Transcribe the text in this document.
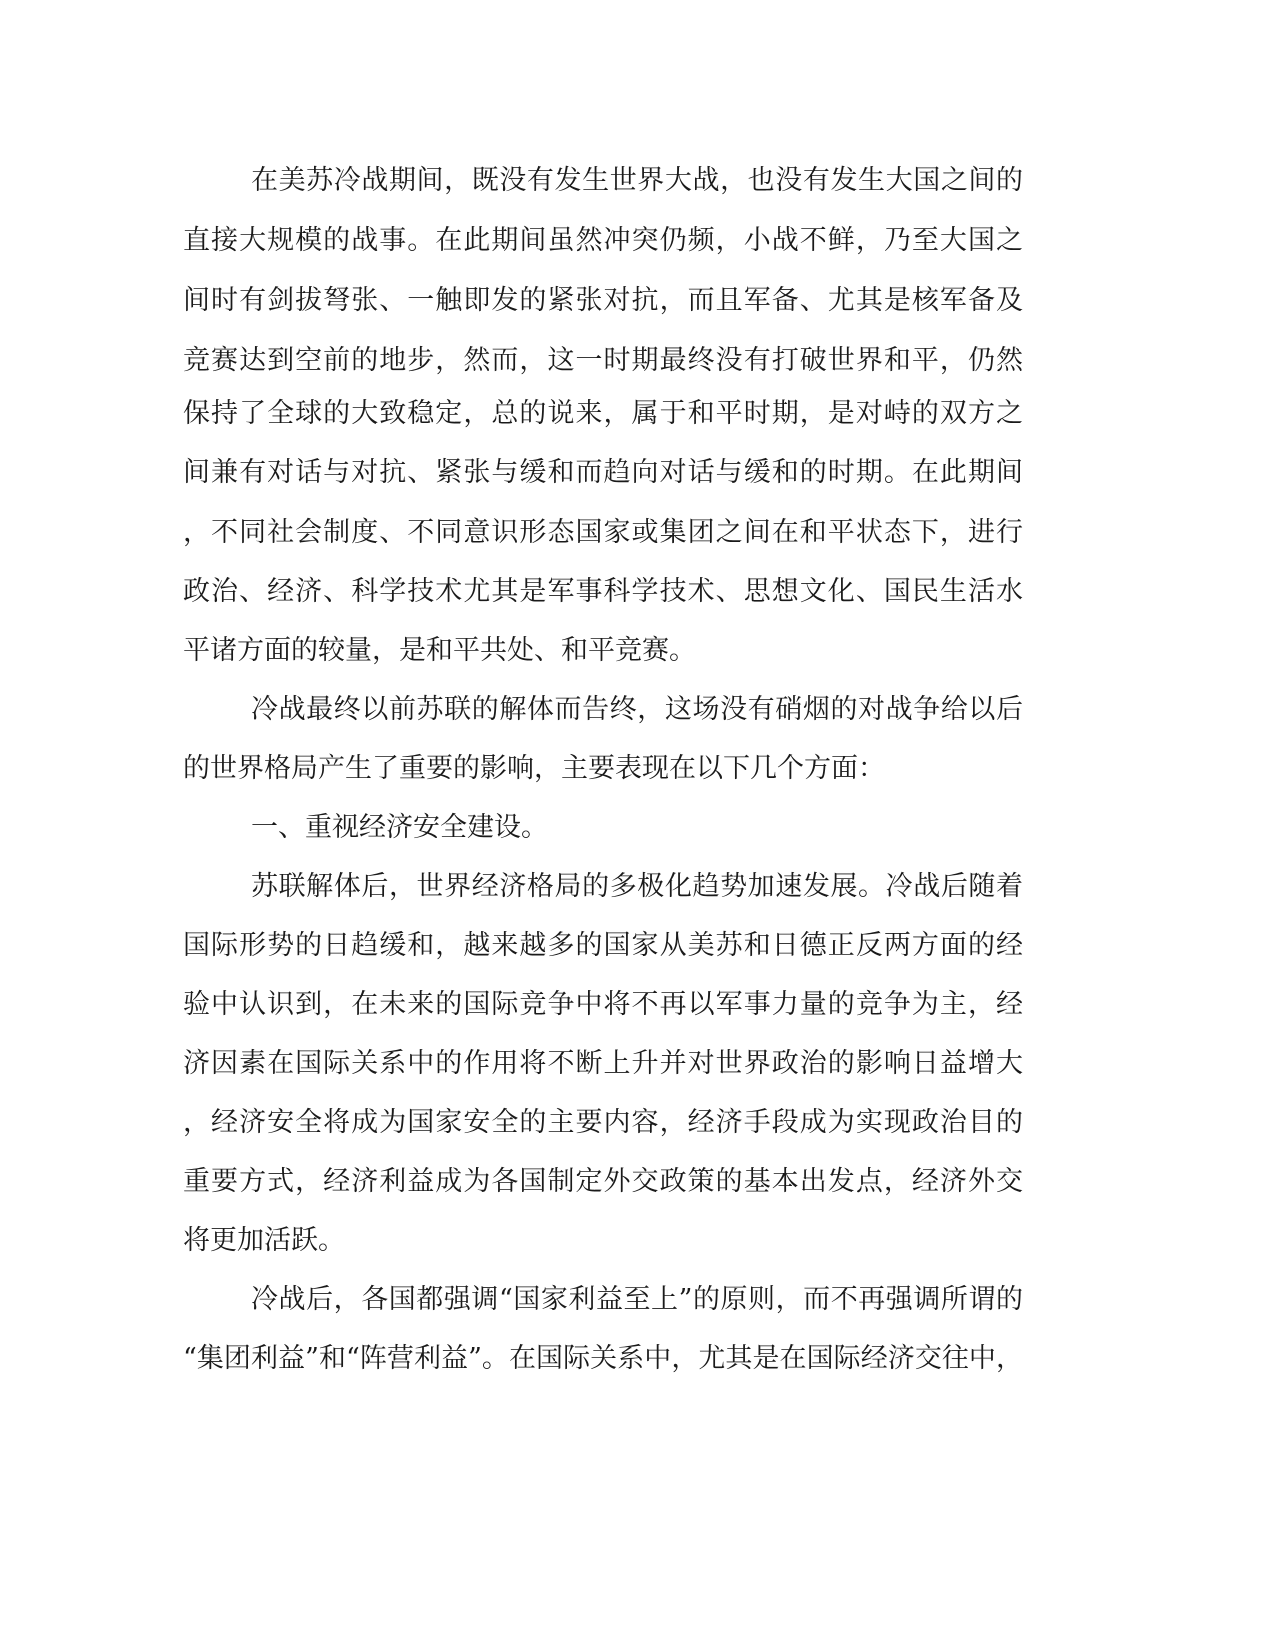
在美苏冷战期间，既没有发生世界大战，也没有发生大国之间的
直接大规模的战事。在此期间虽然冲突仍频，小战不鲜，乃至大国之
间时有剑拔弩张、一触即发的紧张对抗，而且军备、尤其是核军备及
竞赛达到空前的地步，然而，这一时期最终没有打破世界和平，仍然
保持了全球的大致稳定，总的说来，属于和平时期，是对峙的双方之
间兼有对话与对抗、紧张与缓和而趋向对话与缓和的时期。在此期间
，不同社会制度、不同意识形态国家或集团之间在和平状态下，进行
政治、经济、科学技术尤其是军事科学技术、思想文化、国民生活水
平诸方面的较量，是和平共处、和平竞赛。
冷战最终以前苏联的解体而告终，这场没有硝烟的对战争给以后
的世界格局产生了重要的影响，主要表现在以下几个方面：
一、重视经济安全建设。
苏联解体后，世界经济格局的多极化趋势加速发展。冷战后随着
国际形势的日趋缓和，越来越多的国家从美苏和日德正反两方面的经
验中认识到，在未来的国际竞争中将不再以军事力量的竞争为主，经
济因素在国际关系中的作用将不断上升并对世界政治的影响日益增大
，经济安全将成为国家安全的主要内容，经济手段成为实现政治目的
重要方式，经济利益成为各国制定外交政策的基本出发点，经济外交
将更加活跃。
冷战后，各国都强调“国家利益至上”的原则，而不再强调所谓的
“集团利益”和“阵营利益”。在国际关系中，尤其是在国际经济交往中，
